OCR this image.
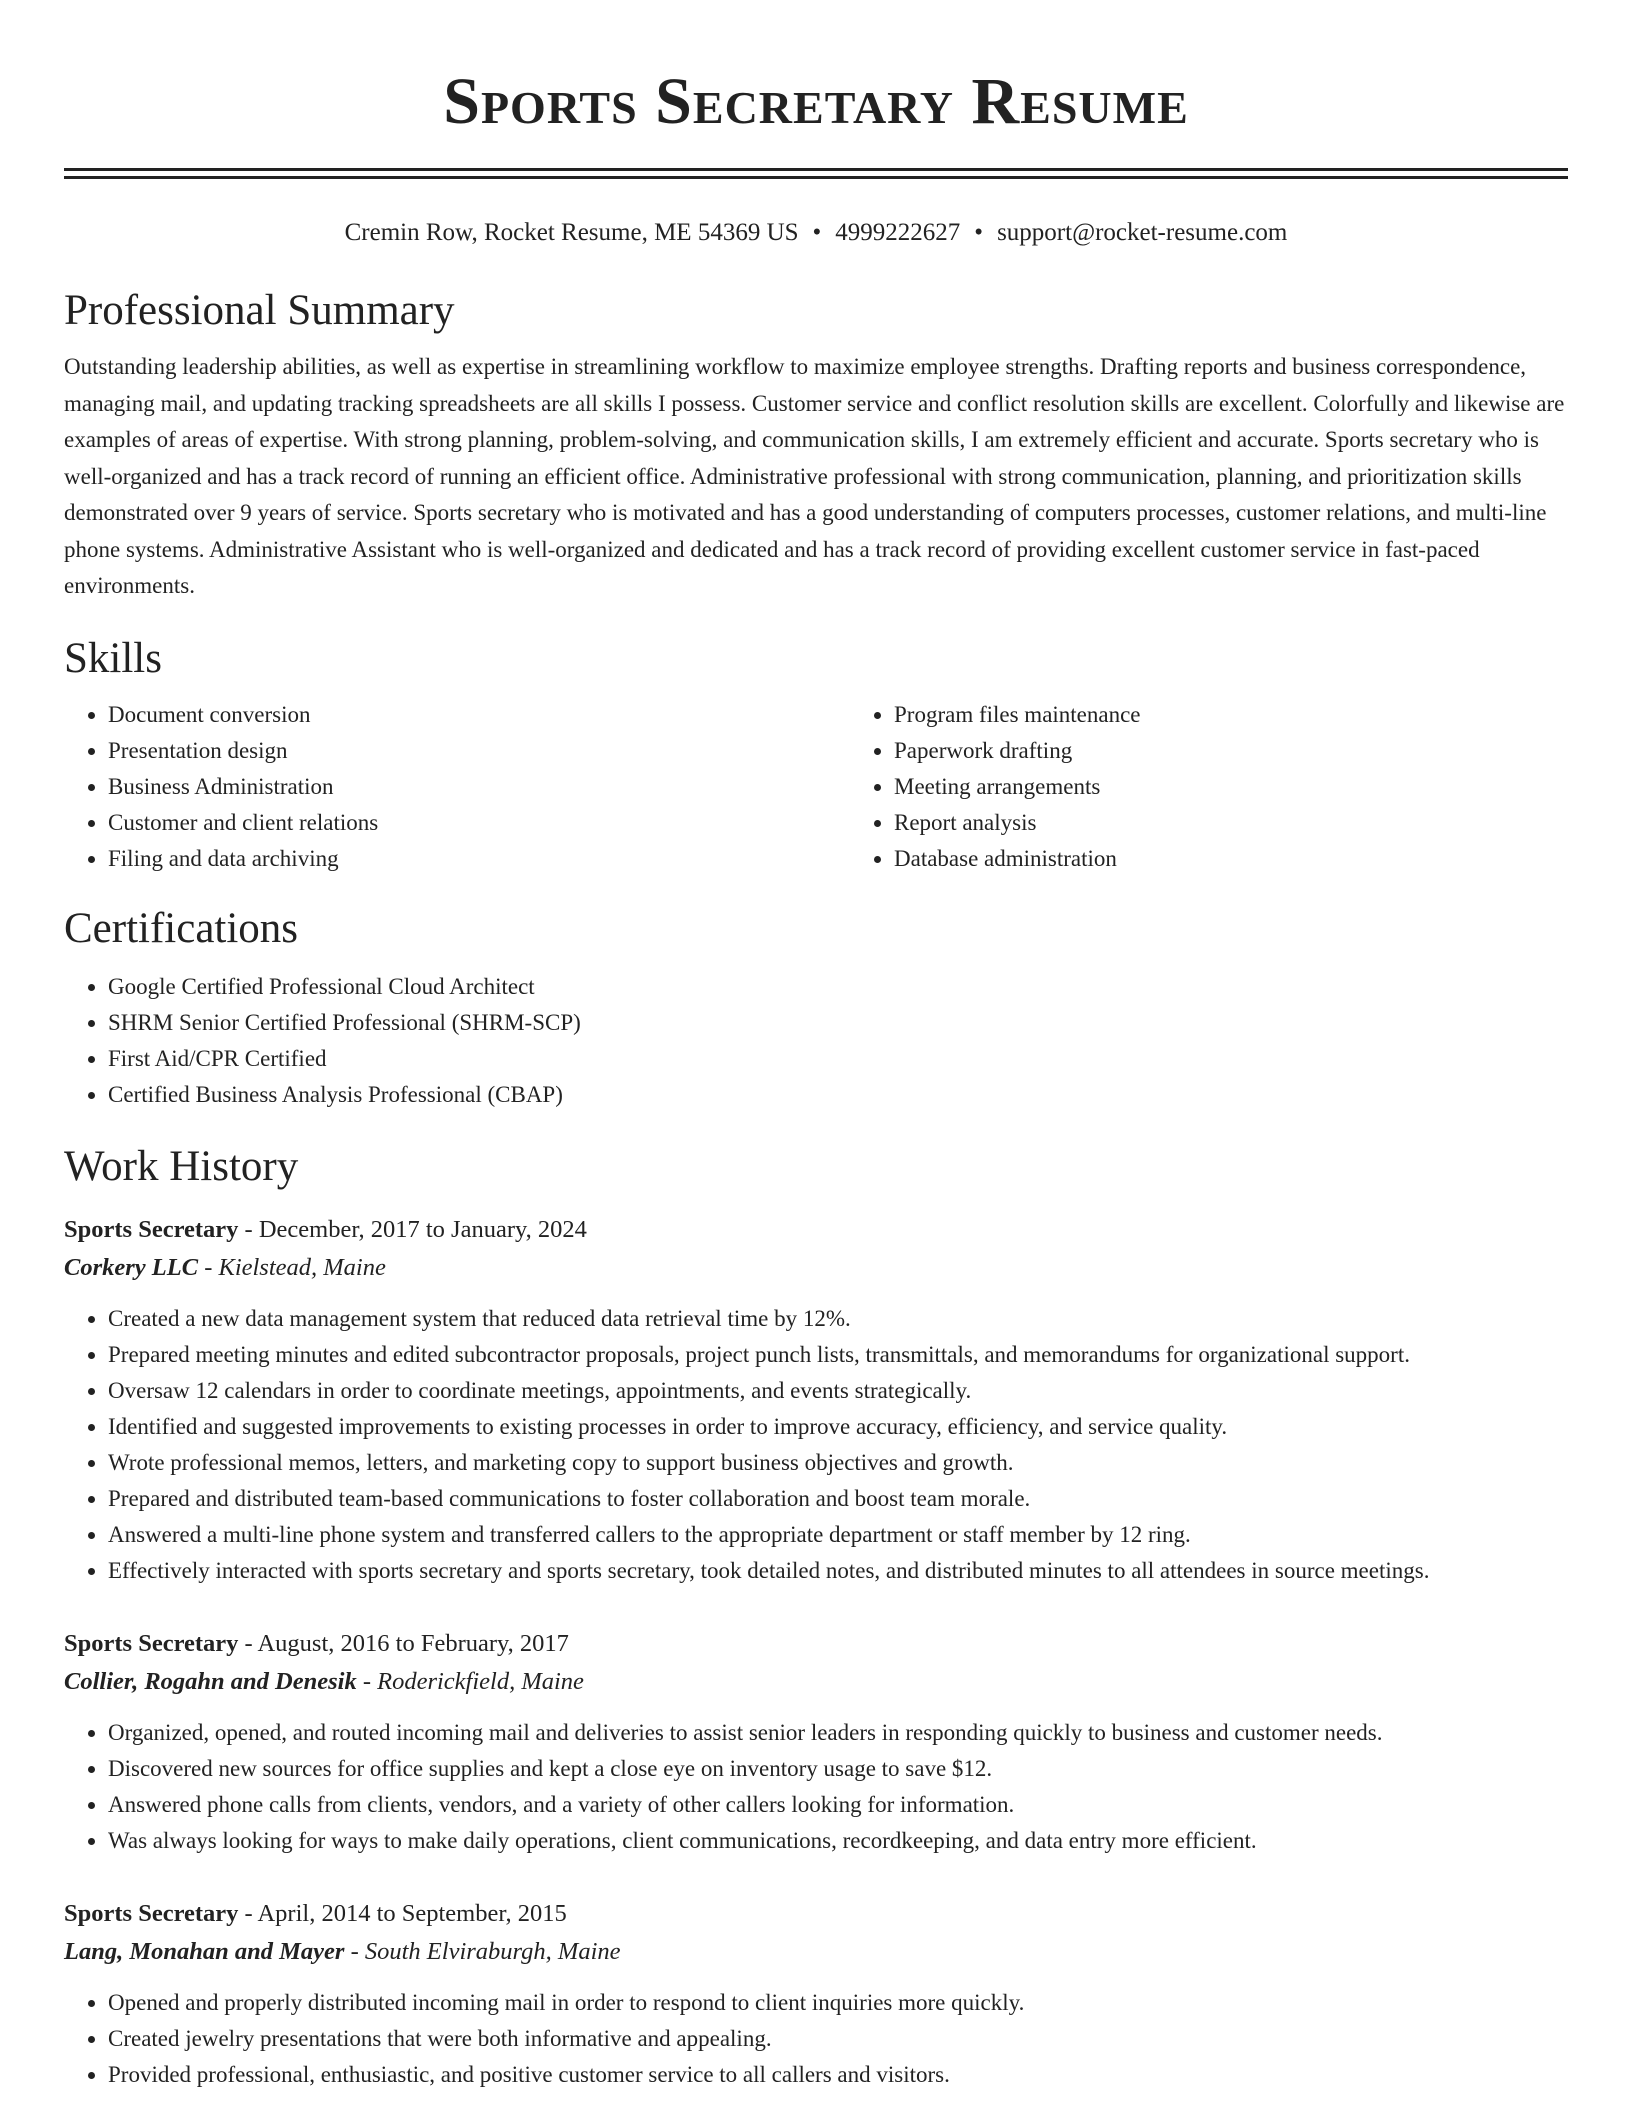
Sports Secretary Resume
Cremin Row, Rocket Resume, ME 54369 US • 4999222627 • support@rocket-resume.com
Professional Summary

Outstanding leadership abilities, as well as expertise in streamlining workflow to maximize employee strengths. Drafting reports and business correspondence, managing mail, and updating tracking spreadsheets are all skills I possess. Customer service and conflict resolution skills are excellent. Colorfully and likewise are examples of areas of expertise. With strong planning, problem-solving, and communication skills, I am extremely efficient and accurate. Sports secretary who is well-organized and has a track record of running an efficient office. Administrative professional with strong communication, planning, and prioritization skills demonstrated over 9 years of service. Sports secretary who is motivated and has a good understanding of computers processes, customer relations, and multi-line phone systems. Administrative Assistant who is well-organized and dedicated and has a track record of providing excellent customer service in fast-paced environments.

Skills
• Document conversion
• Presentation design
• Business Administration
• Customer and client relations
• Filing and data archiving
• Program files maintenance
• Paperwork drafting
• Meeting arrangements
• Report analysis
• Database administration
Certifications
• Google Certified Professional Cloud Architect
• SHRM Senior Certified Professional (SHRM-SCP)
• First Aid/CPR Certified
• Certified Business Analysis Professional (CBAP)
Work History
Sports Secretary - December, 2017 to January, 2024
Corkery LLC - Kielstead, Maine
• Created a new data management system that reduced data retrieval time by 12%.
• Prepared meeting minutes and edited subcontractor proposals, project punch lists, transmittals, and memorandums for organizational support.
• Oversaw 12 calendars in order to coordinate meetings, appointments, and events strategically.
• Identified and suggested improvements to existing processes in order to improve accuracy, efficiency, and service quality.
• Wrote professional memos, letters, and marketing copy to support business objectives and growth.
• Prepared and distributed team-based communications to foster collaboration and boost team morale.
• Answered a multi-line phone system and transferred callers to the appropriate department or staff member by 12 ring.
• Effectively interacted with sports secretary and sports secretary, took detailed notes, and distributed minutes to all attendees in source meetings.
Sports Secretary - August, 2016 to February, 2017
Collier, Rogahn and Denesik - Roderickfield, Maine
• Organized, opened, and routed incoming mail and deliveries to assist senior leaders in responding quickly to business and customer needs.
• Discovered new sources for office supplies and kept a close eye on inventory usage to save $12.
• Answered phone calls from clients, vendors, and a variety of other callers looking for information.
• Was always looking for ways to make daily operations, client communications, recordkeeping, and data entry more efficient.
Sports Secretary - April, 2014 to September, 2015
Lang, Monahan and Mayer - South Elviraburgh, Maine
• Opened and properly distributed incoming mail in order to respond to client inquiries more quickly.
• Created jewelry presentations that were both informative and appealing.
• Provided professional, enthusiastic, and positive customer service to all callers and visitors.
